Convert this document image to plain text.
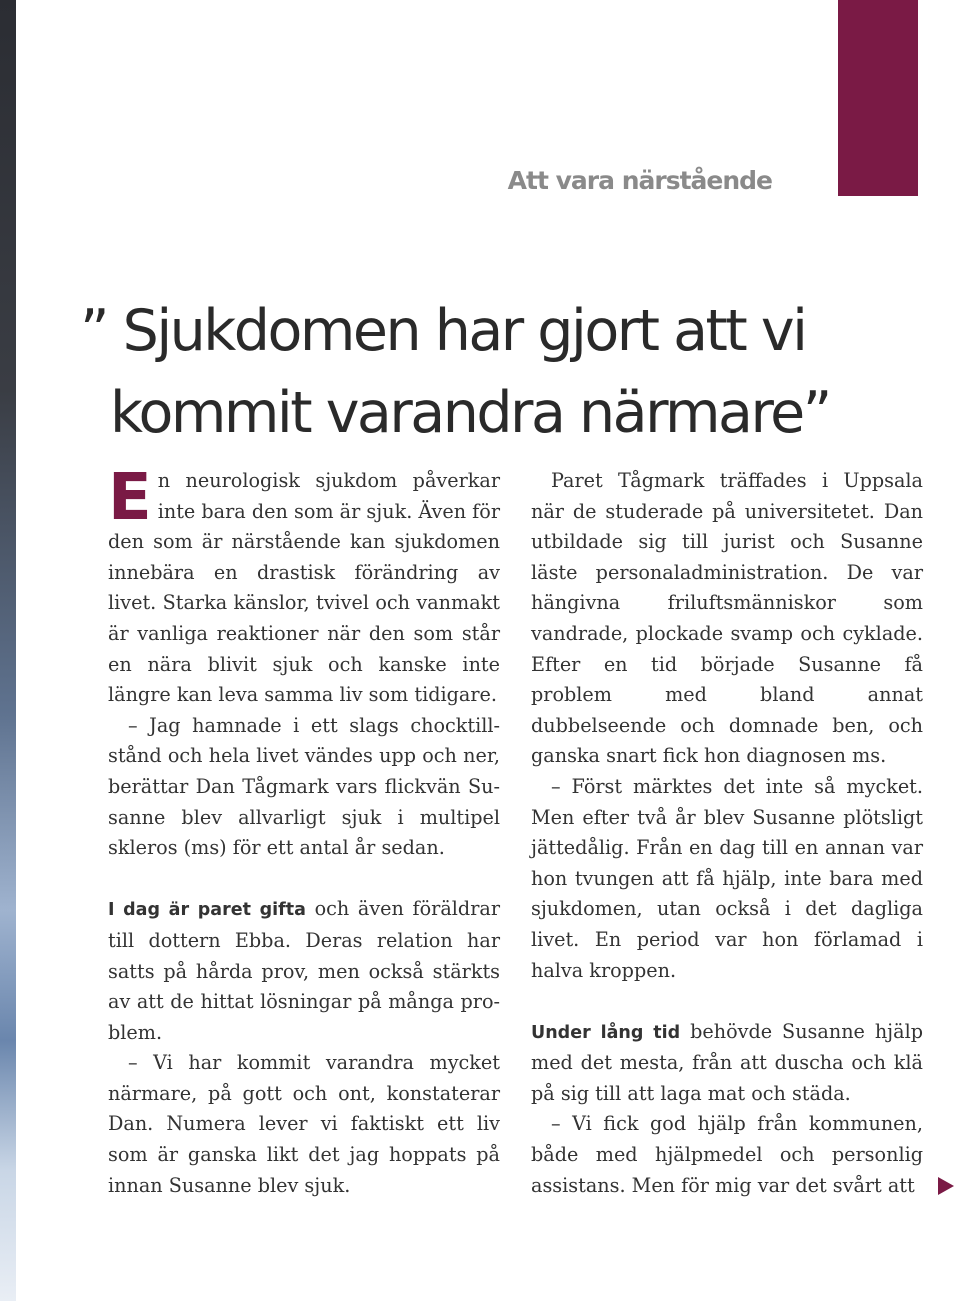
Att vara närstående
” Sjukdomen har gjort att vi
kommit varandra närmare”

En neurologisk sjukdom påverkar inte bara den som är sjuk. Även för den som är närstående kan sjukdomen innebära en drastisk förändring av livet. Starka känslor, tvivel och vanmakt är vanliga reaktioner när den som står en nära blivit sjuk och kanske inte längre kan leva samma liv som tidigare.

– Jag hamnade i ett slags chocktillstånd och hela livet vändes upp och ner, berättar Dan Tågmark vars flickvän Susanne blev allvarligt sjuk i multipel skleros (ms) för ett antal år sedan.

I dag är paret gifta och även föräldrar till dottern Ebba. Deras relation har satts på hårda prov, men också stärkts av att de hittat lösningar på många problem.

– Vi har kommit varandra mycket närmare, på gott och ont, konstaterar Dan. Numera lever vi faktiskt ett liv som är ganska likt det jag hoppats på innan Susanne blev sjuk.

Paret Tågmark träffades i Uppsala när de studerade på universitetet. Dan utbildade sig till jurist och Susanne läste personaladministration. De var hängivna friluftsmänniskor som vandrade, plockade svamp och cyklade. Efter en tid började Susanne få problem med bland annat dubbelseende och domnade ben, och ganska snart fick hon diagnosen ms.

– Först märktes det inte så mycket. Men efter två år blev Susanne plötsligt jättedålig. Från en dag till en annan var hon tvungen att få hjälp, inte bara med sjukdomen, utan också i det dagliga livet. En period var hon förlamad i halva kroppen.

Under lång tid behövde Susanne hjälp med det mesta, från att duscha och klä på sig till att laga mat och städa.

– Vi fick god hjälp från kommunen, både med hjälpmedel och personlig assistans. Men för mig var det svårt att
